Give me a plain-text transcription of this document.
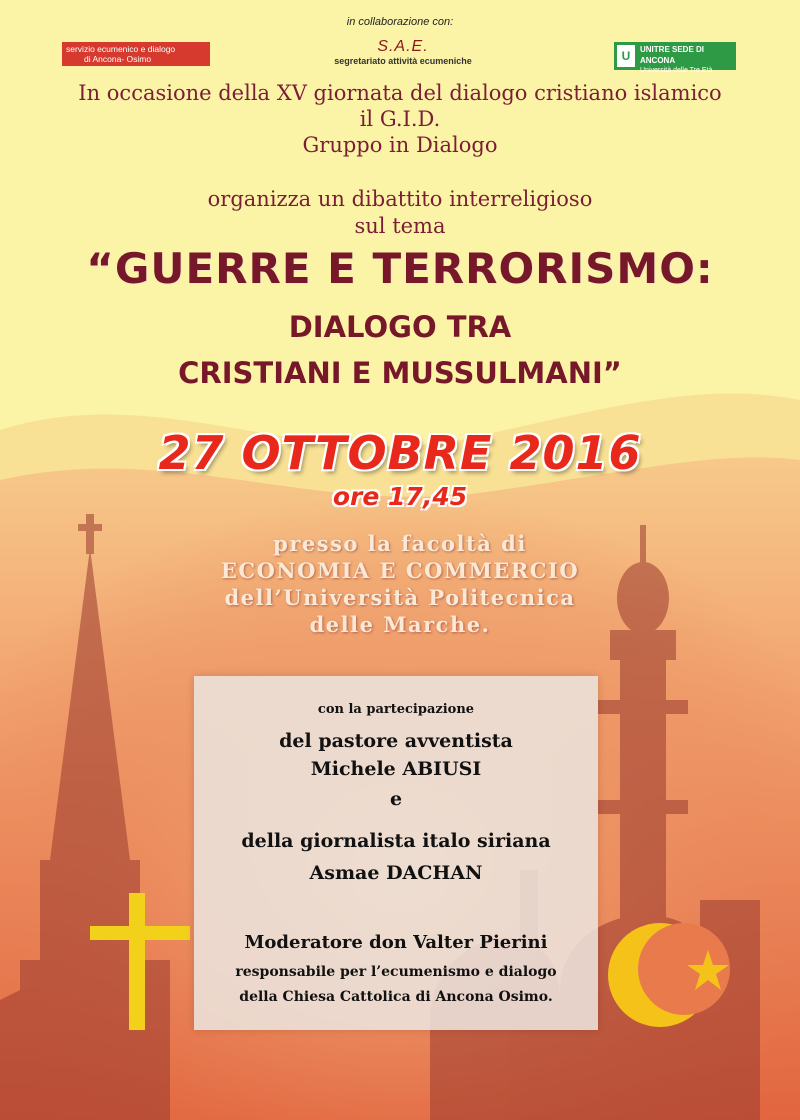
in collaborazione con:
servizio ecumenico e dialogo
di Ancona- Osimo
S.A.E.
segretariato attività ecumeniche	U	UNITRE SEDE DI ANCONA
Università delle Tre Età
In occasione della XV giornata del dialogo cristiano islamico
il G.I.D.
Gruppo in Dialogo
organizza un dibattito interreligioso
sul tema
“GUERRE E TERRORISMO:
DIALOGO TRA
CRISTIANI E MUSSULMANI”
27 OTTOBRE 2016
ore 17,45
presso la facoltà di
ECONOMIA E COMMERCIO
dell’Università Politecnica
delle Marche.
con la partecipazione
del pastore avventista
Michele ABIUSI
e
della giornalista italo siriana
Asmae DACHAN
Moderatore don Valter Pierini
responsabile per l’ecumenismo e dialogo
della Chiesa Cattolica di Ancona Osimo.
